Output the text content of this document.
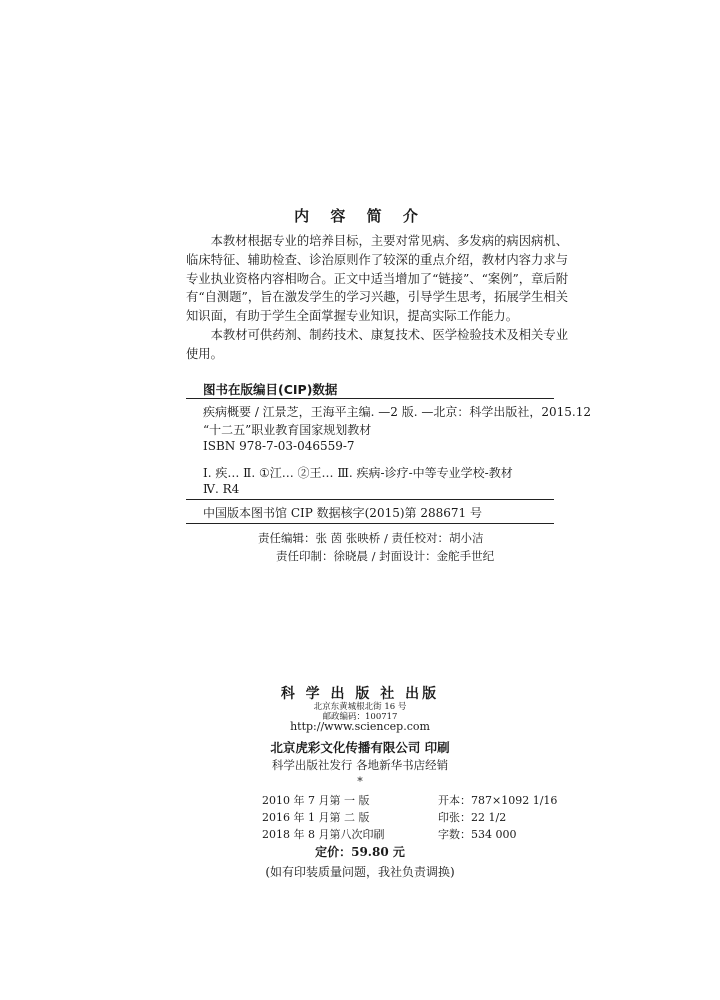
内 容 简 介

本教材根据专业的培养目标，主要对常见病、多发病的病因病机、临床特征、辅助检查、诊治原则作了较深的重点介绍，教材内容力求与专业执业资格内容相吻合。正文中适当增加了“链接”、“案例”，章后附有“自测题”，旨在激发学生的学习兴趣，引导学生思考，拓展学生相关知识面，有助于学生全面掌握专业知识，提高实际工作能力。

本教材可供药剂、制药技术、康复技术、医学检验技术及相关专业使用。

图书在版编目(CIP)数据
疾病概要 / 江景芝，王海平主编. —2 版. —北京：科学出版社，2015.12
“十二五”职业教育国家规划教材
ISBN 978-7-03-046559-7
Ⅰ. 疾… Ⅱ. ①江… ②王… Ⅲ. 疾病-诊疗-中等专业学校-教材
Ⅳ. R4
中国版本图书馆 CIP 数据核字(2015)第 288671 号
责任编辑：张 茵 张映桥 / 责任校对：胡小洁
责任印制：徐晓晨 / 封面设计：金舵手世纪
科 学 出 版 社 出版
北京东黄城根北街 16 号
邮政编码：100717
http://www.sciencep.com
北京虎彩文化传播有限公司 印刷
科学出版社发行 各地新华书店经销
*
2010 年 7 月第 一 版	开本：787×1092 1/16
2016 年 1 月第 二 版	印张：22 1/2
2018 年 8 月第八次印刷	字数：534 000
定价：59.80 元
(如有印装质量问题，我社负责调换)
